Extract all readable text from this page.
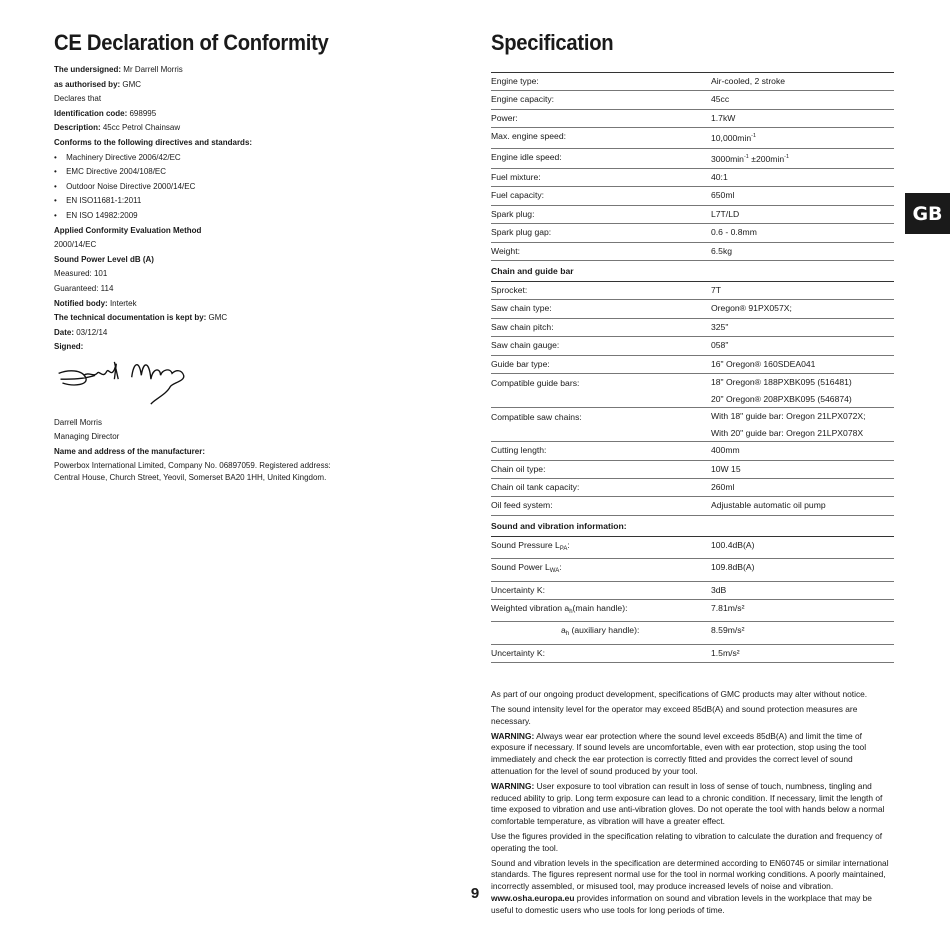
CE Declaration of Conformity
The undersigned: Mr Darrell Morris
as authorised by: GMC
Declares that
Identification code: 698995
Description: 45cc Petrol Chainsaw
Conforms to the following directives and standards:
• Machinery Directive 2006/42/EC
• EMC Directive 2004/108/EC
• Outdoor Noise Directive 2000/14/EC
• EN ISO11681-1:2011
• EN ISO 14982:2009
Applied Conformity Evaluation Method
2000/14/EC
Sound Power Level dB (A)
Measured: 101
Guaranteed: 114
Notified body: Intertek
The technical documentation is kept by: GMC
Date: 03/12/14
Signed:
Darrell Morris
Managing Director
Name and address of the manufacturer:
Powerbox International Limited, Company No. 06897059. Registered address:
Central House, Church Street, Yeovil, Somerset BA20 1HH, United Kingdom.
Specification
Engine type:	Air-cooled, 2 stroke
Engine capacity:	45cc
Power:	1.7kW
Max. engine speed:	$10,000\min^{-1}$
Engine idle speed:	$3000\min^{-1} \pm 200\min^{-1}$
Fuel mixture:	40:1
Fuel capacity:	650ml
Spark plug:	L7T/LD
Spark plug gap:	0.6 - 0.8mm
Weight:	6.5kg
Chain and guide bar
Sprocket:	7T
Saw chain type:	Oregon® 91PX057X;
Saw chain pitch:	325"
Saw chain gauge:	058"
Guide bar type:	16" Oregon® 160SDEA041
Compatible guide bars:	18" Oregon® 188PXBK095 (516481)
20" Oregon® 208PXBK095 (546874)
Compatible saw chains:	With 18" guide bar: Oregon 21LPX072X;
With 20" guide bar: Oregon 21LPX078X
Cutting length:	400mm
Chain oil type:	10W 15
Chain oil tank capacity:	260ml
Oil feed system:	Adjustable automatic oil pump
Sound and vibration information:
Sound Pressure $L_{PA}$:	100.4dB(A)
Sound Power $L_{WA}$:	109.8dB(A)
Uncertainty K:	3dB
Weighted vibration $a_h(main$ handle):	7.81m/s²
$a_h$ (auxiliary handle):	8.59m/s²
Uncertainty K:	1.5m/s²

As part of our ongoing product development, specifications of GMC products may alter without notice.

The sound intensity level for the operator may exceed 85dB(A) and sound protection measures are necessary.

WARNING: Always wear ear protection where the sound level exceeds 85dB(A) and limit the time of exposure if necessary. If sound levels are uncomfortable, even with ear protection, stop using the tool immediately and check the ear protection is correctly fitted and provides the correct level of sound attenuation for the level of sound produced by your tool.

WARNING: User exposure to tool vibration can result in loss of sense of touch, numbness, tingling and reduced ability to grip. Long term exposure can lead to a chronic condition. If necessary, limit the length of time exposed to vibration and use anti-vibration gloves. Do not operate the tool with hands below a normal comfortable temperature, as vibration will have a greater effect.

Use the figures provided in the specification relating to vibration to calculate the duration and frequency of operating the tool.

Sound and vibration levels in the specification are determined according to EN60745 or similar international standards. The figures represent normal use for the tool in normal working conditions. A poorly maintained, incorrectly assembled, or misused tool, may produce increased levels of noise and vibration. www.osha.europa.eu provides information on sound and vibration levels in the workplace that may be useful to domestic users who use tools for long periods of time.

GB
9
